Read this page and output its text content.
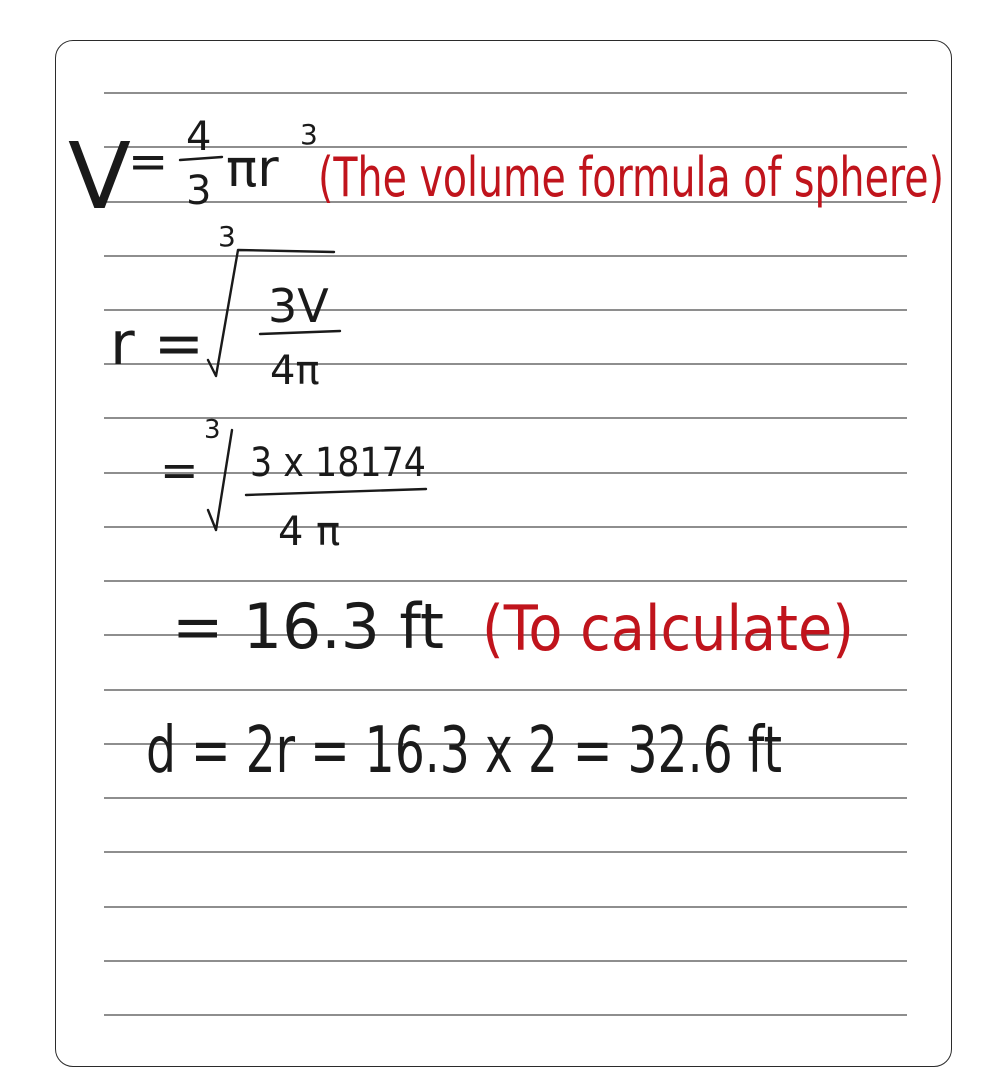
V
= 4
3 πr
3
(The volume formula of sphere)
r =
3
3V
4π
=
3
3 x 18174
4 π
= 16.3 ft (To calculate)
d = 2r = 16.3 x 2 = 32.6 ft
